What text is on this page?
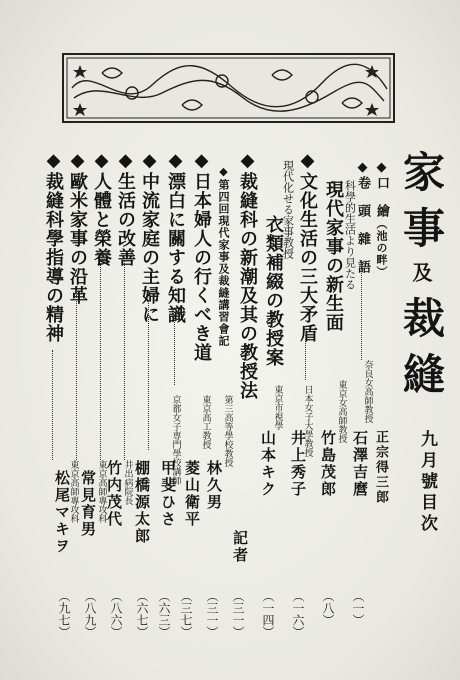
家事及裁縫
九月號目次
◆口　繪（池の畔）
正宗得三郎
◆卷　頭　雜　語
奈良女高師教授
石澤吉麿
（一）
科學的生活より見たる
現代家事の新生面
東京女高師教授
竹島茂郎
（八）
◆文化生活の三大矛盾
日本女子大學教授
井上秀子
（一六）
現代化せる家事教授
衣類補綴の教授案
東京市視學
山本キク
（一四）
◆裁縫科の新潮及其の教授法
記者
（三一）
◆第四回現代家事及裁縫講習會記
第三高等學校教授
林久男
（三一）
◆日本婦人の行くべき道
東京高工教授
菱山衛平
（三七）
◆漂白に關する知識
京都女子専門學校講師
甲斐ひさ
（六三）
◆中流家庭の主婦に
棚橋源太郎
（六七）
◆生活の改善
◆人體と榮養
井出病院長
竹内茂代
（八六）
◆歐米家事の沿革
東京高師專攻科
常見育男
（八九）
◆裁縫科學指導の精神
東京高師專攻科
松尾マキヲ
（九七）
